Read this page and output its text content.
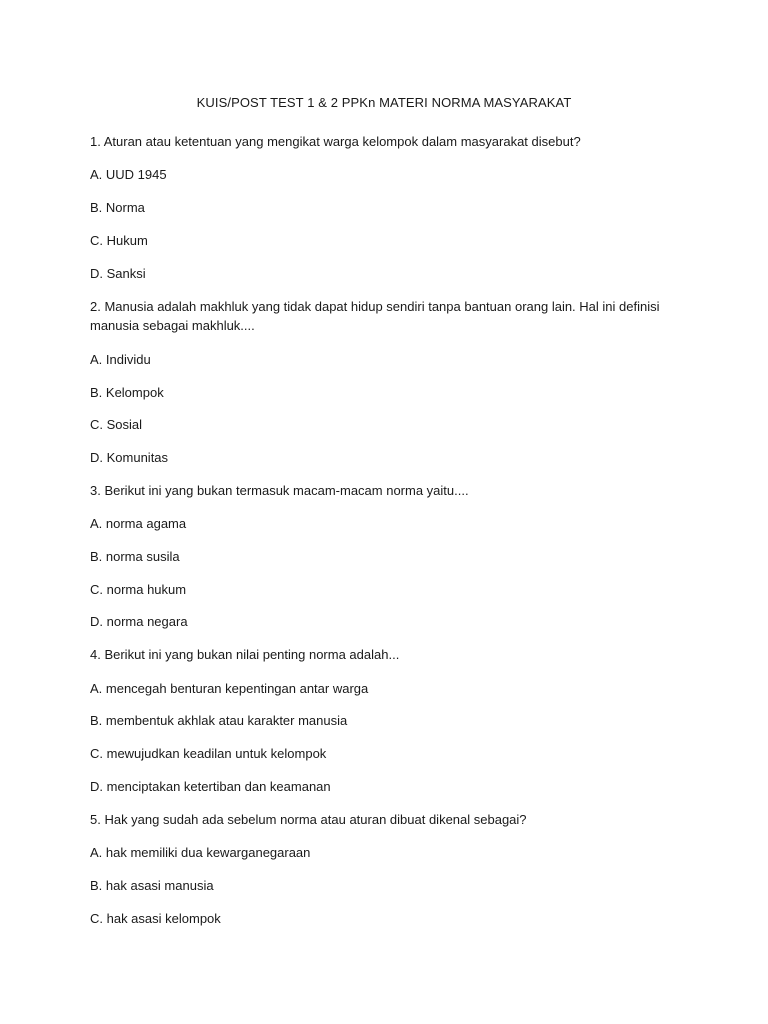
KUIS/POST TEST 1 & 2 PPKn MATERI NORMA MASYARAKAT
1. Aturan atau ketentuan yang mengikat warga kelompok dalam masyarakat disebut?
A. UUD 1945
B. Norma
C. Hukum
D. Sanksi
2. Manusia adalah makhluk yang tidak dapat hidup sendiri tanpa bantuan orang lain. Hal ini definisi manusia sebagai makhluk....
A. Individu
B. Kelompok
C. Sosial
D. Komunitas
3. Berikut ini yang bukan termasuk macam-macam norma yaitu....
A. norma agama
B. norma susila
C. norma hukum
D. norma negara
4. Berikut ini yang bukan nilai penting norma adalah...
A. mencegah benturan kepentingan antar warga
B. membentuk akhlak atau karakter manusia
C. mewujudkan keadilan untuk kelompok
D. menciptakan ketertiban dan keamanan
5. Hak yang sudah ada sebelum norma atau aturan dibuat dikenal sebagai?
A. hak memiliki dua kewarganegaraan
B. hak asasi manusia
C. hak asasi kelompok
